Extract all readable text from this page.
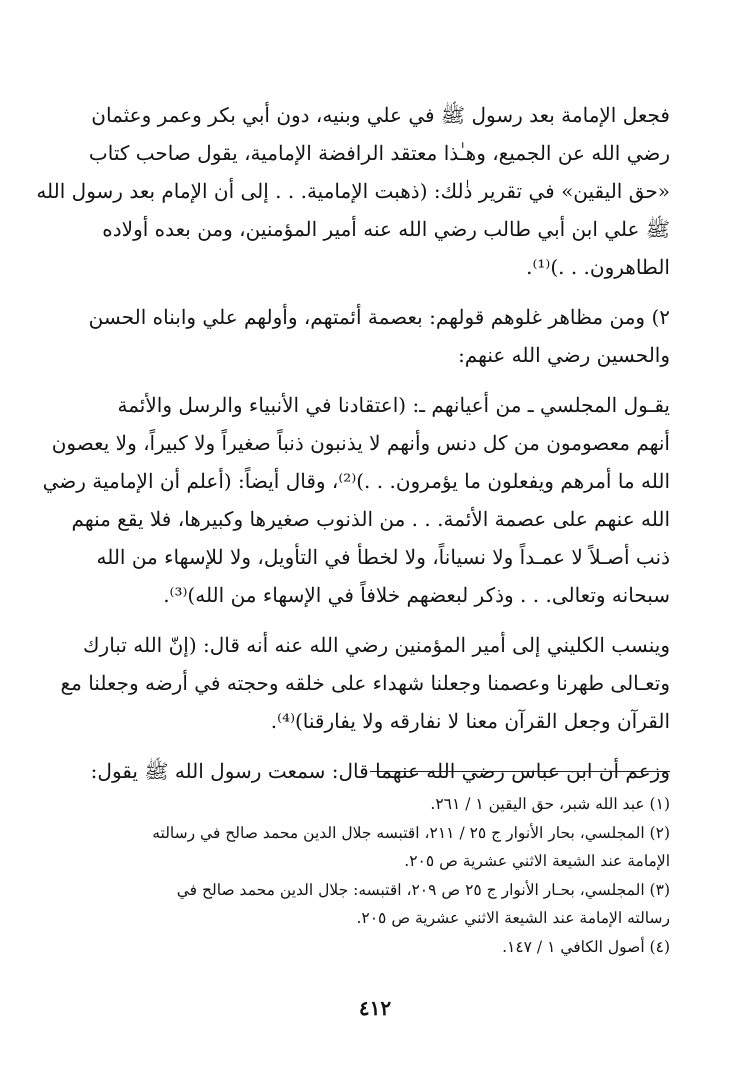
فجعل الإمامة بعد رسول ﷺ في علي وبنيه، دون أبي بكر وعمر وعثمان
رضي الله عن الجميع، وهـٰذا معتقد الرافضة الإمامية، يقول صاحب كتاب
«حق اليقين» في تقرير ذٰلك: (ذهبت الإمامية. . . إلى أن الإمام بعد رسول الله
ﷺ علي ابن أبي طالب رضي الله عنه أمير المؤمنين، ومن بعده أولاده
الطاهرون. . .)⁽¹⁾.

٢) ومن مظاهر غلوهم قولهم: بعصمة أئمتهم، وأولهم علي وابناه الحسن
والحسين رضي الله عنهم:

يقـول المجلسي ـ من أعيانهم ـ: (اعتقادنا في الأنبياء والرسل والأئمة
أنهم معصومون من كل دنس وأنهم لا يذنبون ذنباً صغيراً ولا كبيراً، ولا يعصون
الله ما أمرهم ويفعلون ما يؤمرون. . .)⁽²⁾، وقال أيضاً: (أعلم أن الإمامية رضي
الله عنهم على عصمة الأئمة. . . من الذنوب صغيرها وكبيرها، فلا يقع منهم
ذنب أصـلاً لا عمـداً ولا نسياناً، ولا لخطأ في التأويل، ولا للإسهاء من الله
سبحانه وتعالى. . . وذكر لبعضهم خلافاً في الإسهاء من الله)⁽³⁾.

وينسب الكليني إلى أمير المؤمنين رضي الله عنه أنه قال: (إنّ الله تبارك
وتعـالى طهرنا وعصمنا وجعلنا شهداء على خلقه وحجته في أرضه وجعلنا مع
القرآن وجعل القرآن معنا لا نفارقه ولا يفارقنا)⁽⁴⁾.

وزعم أن ابن عباس رضي الله عنهما قال: سمعت رسول الله ﷺ يقول:

(١) عبد الله شبر، حق اليقين ١ / ٢٦١.
(٢) المجلسي، بحار الأنوار ج ٢٥ / ٢١١، اقتبسه جلال الدين محمد صالح في رسالته
الإمامة عند الشيعة الاثني عشرية ص ٢٠٥.
(٣) المجلسي، بحـار الأنوار ج ٢٥ ص ٢٠٩، اقتبسه: جلال الدين محمد صالح في
رسالته الإمامة عند الشيعة الاثني عشرية ص ٢٠٥.
(٤) أصول الكافي ١ / ١٤٧.
٤١٢
